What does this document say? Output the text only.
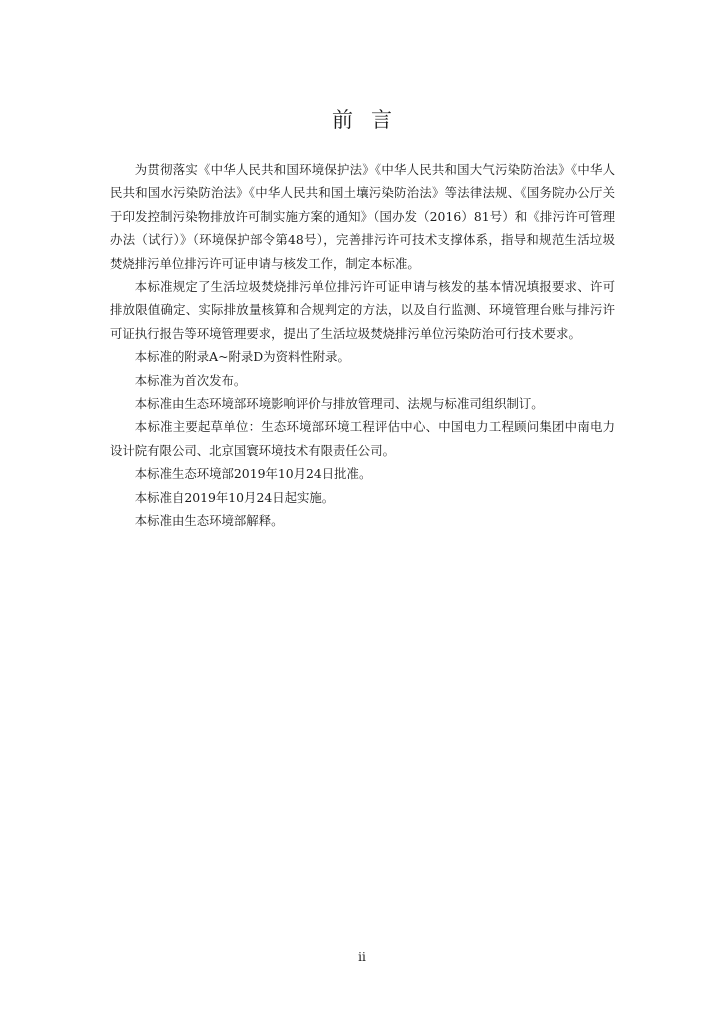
前言

为贯彻落实《中华人民共和国环境保护法》《中华人民共和国大气污染防治法》《中华人民共和国水污染防治法》《中华人民共和国土壤污染防治法》等法律法规、《国务院办公厅关于印发控制污染物排放许可制实施方案的通知》（国办发（2016）81号）和《排污许可管理办法（试行）》（环境保护部令第48号），完善排污许可技术支撑体系，指导和规范生活垃圾焚烧排污单位排污许可证申请与核发工作，制定本标准。

本标准规定了生活垃圾焚烧排污单位排污许可证申请与核发的基本情况填报要求、许可排放限值确定、实际排放量核算和合规判定的方法，以及自行监测、环境管理台账与排污许可证执行报告等环境管理要求，提出了生活垃圾焚烧排污单位污染防治可行技术要求。

本标准的附录A~附录D为资料性附录。

本标准为首次发布。

本标准由生态环境部环境影响评价与排放管理司、法规与标准司组织制订。

本标准主要起草单位：生态环境部环境工程评估中心、中国电力工程顾问集团中南电力设计院有限公司、北京国寰环境技术有限责任公司。

本标准生态环境部2019年10月24日批准。

本标准自2019年10月24日起实施。

本标准由生态环境部解释。

ii
